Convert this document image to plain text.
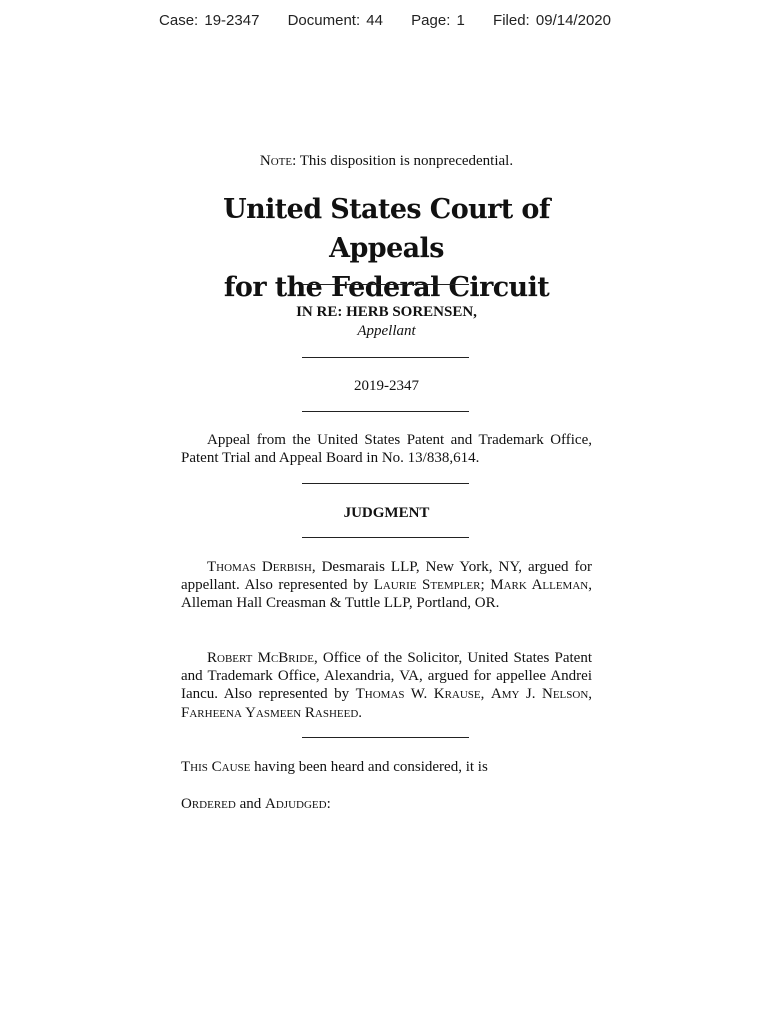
Case: 19-2347 Document: 44 Page: 1 Filed: 09/14/2020
Note: This disposition is nonprecedential.
United States Court of Appeals
for the Federal Circuit
IN RE: HERB SORENSEN,
Appellant
2019-2347
Appeal from the United States Patent and Trademark Office, Patent Trial and Appeal Board in No. 13/838,614.
JUDGMENT
Thomas Derbish, Desmarais LLP, New York, NY, argued for appellant. Also represented by Laurie Stempler; Mark Alleman, Alleman Hall Creasman & Tuttle LLP, Portland, OR.
Robert McBride, Office of the Solicitor, United States Patent and Trademark Office, Alexandria, VA, argued for appellee Andrei Iancu. Also represented by Thomas W. Krause, Amy J. Nelson, Farheena Yasmeen Rasheed.
This Cause having been heard and considered, it is
Ordered and Adjudged:
